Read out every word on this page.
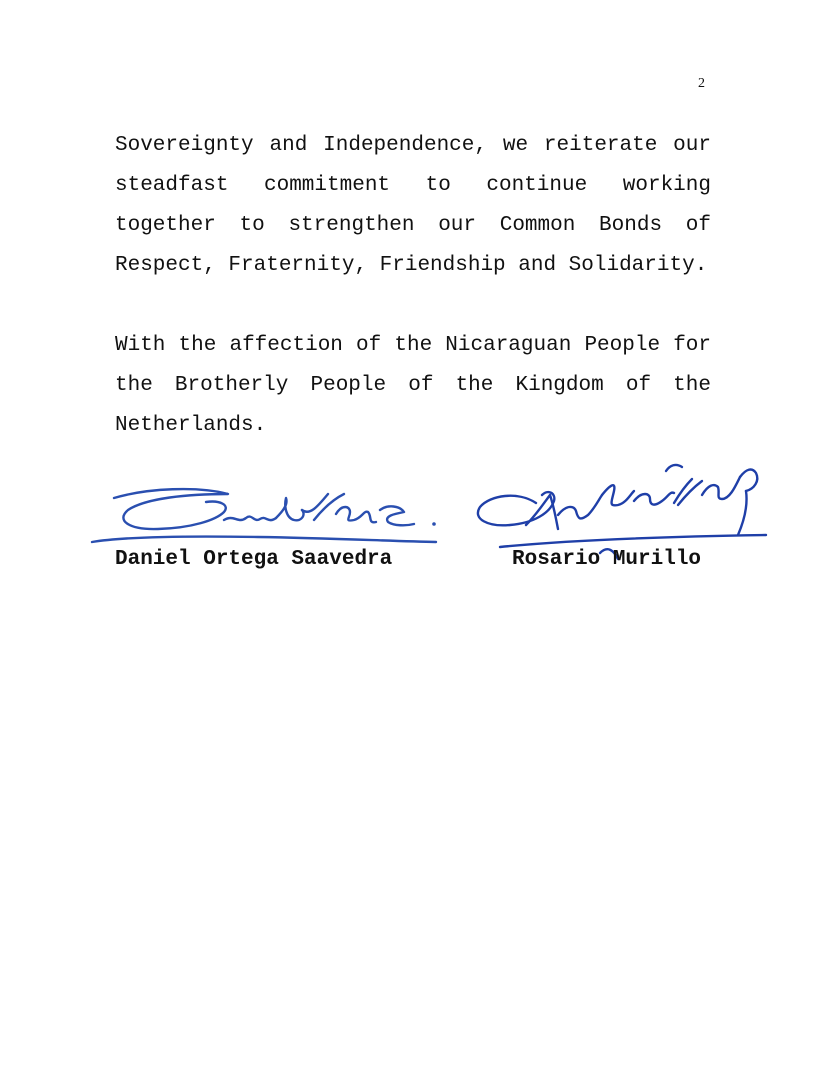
2

Sovereignty and Independence, we reiterate our steadfast commitment to continue working together to strengthen our Common Bonds of Respect, Fraternity, Friendship and Solidarity.

With the affection of the Nicaraguan People for the Brotherly People of the Kingdom of the Netherlands.

Daniel Ortega Saavedra	Rosario Murillo
